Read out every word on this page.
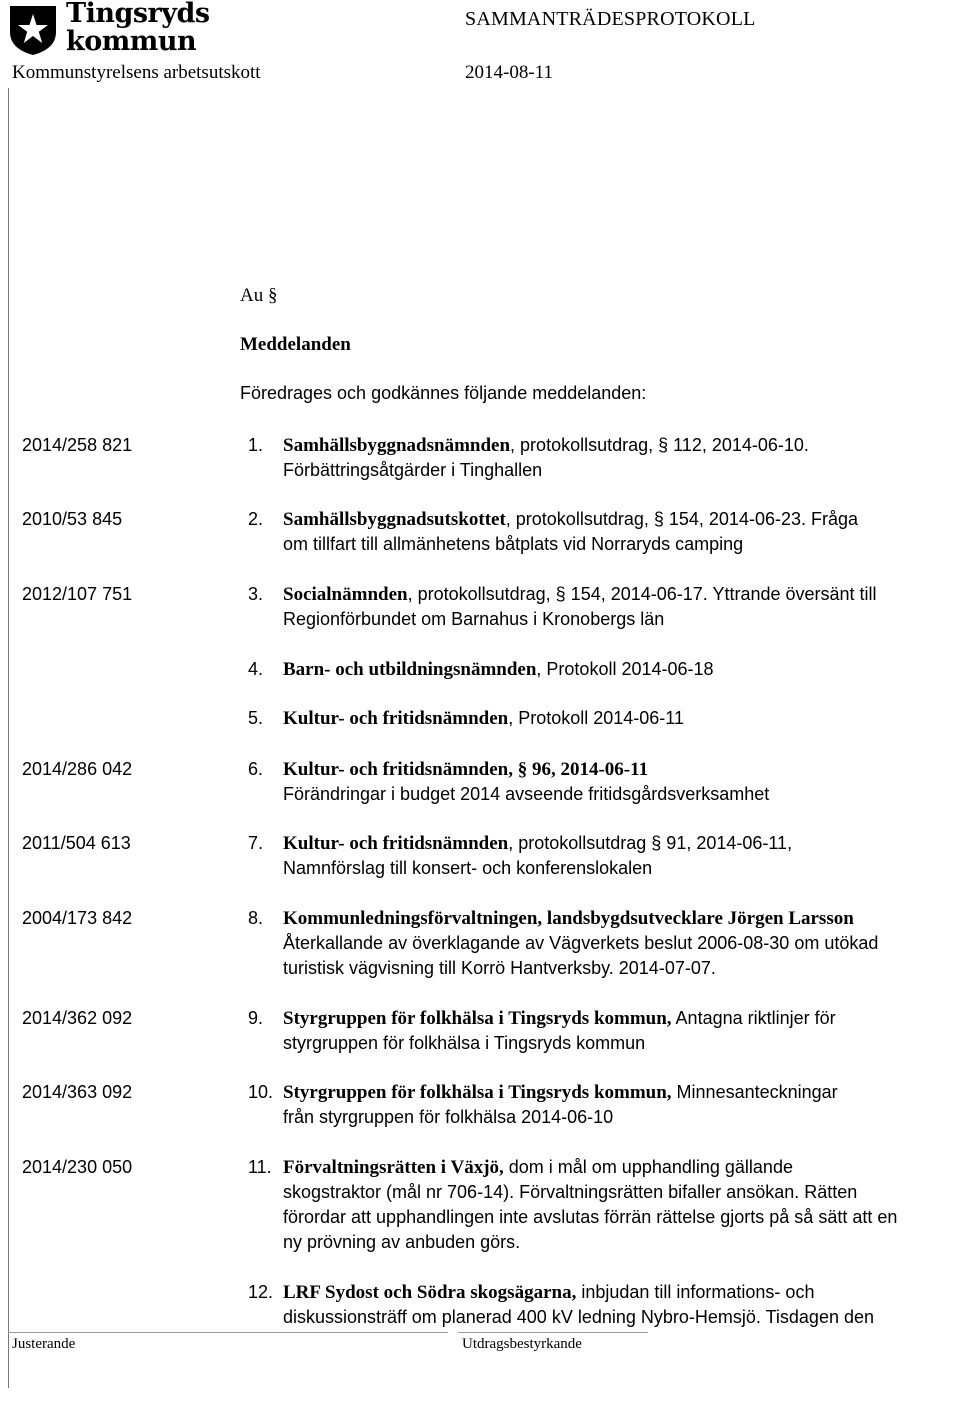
Tingsryds
kommun
SAMMANTRÄDESPROTOKOLL
Kommunstyrelsens arbetsutskott	2014-08-11
Au §
Meddelanden
Föredrages och godkännes följande meddelanden:
2014/258 821	1. Samhällsbyggnadsnämnden, protokollsutdrag, § 112, 2014-06-10.
Förbättringsåtgärder i Tinghallen
2010/53 845	2. Samhällsbyggnadsutskottet, protokollsutdrag, § 154, 2014-06-23. Fråga
om tillfart till allmänhetens båtplats vid Norraryds camping
2012/107 751	3. Socialnämnden, protokollsutdrag, § 154, 2014-06-17. Yttrande översänt till
Regionförbundet om Barnahus i Kronobergs län
4. Barn- och utbildningsnämnden, Protokoll 2014-06-18
5. Kultur- och fritidsnämnden, Protokoll 2014-06-11
2014/286 042	6. Kultur- och fritidsnämnden, § 96, 2014-06-11
Förändringar i budget 2014 avseende fritidsgårdsverksamhet
2011/504 613	7. Kultur- och fritidsnämnden, protokollsutdrag § 91, 2014-06-11,
Namnförslag till konsert- och konferenslokalen
2004/173 842	8. Kommunledningsförvaltningen, landsbygdsutvecklare Jörgen Larsson
Återkallande av överklagande av Vägverkets beslut 2006-08-30 om utökad
turistisk vägvisning till Korrö Hantverksby. 2014-07-07.
2014/362 092	9. Styrgruppen för folkhälsa i Tingsryds kommun, Antagna riktlinjer för
styrgruppen för folkhälsa i Tingsryds kommun
2014/363 092	10. Styrgruppen för folkhälsa i Tingsryds kommun, Minnesanteckningar
från styrgruppen för folkhälsa 2014-06-10
2014/230 050	11. Förvaltningsrätten i Växjö, dom i mål om upphandling gällande
skogstraktor (mål nr 706-14). Förvaltningsrätten bifaller ansökan. Rätten
förordar att upphandlingen inte avslutas förrän rättelse gjorts på så sätt att en
ny prövning av anbuden görs.
12. LRF Sydost och Södra skogsägarna, inbjudan till informations- och
diskussionsträff om planerad 400 kV ledning Nybro-Hemsjö. Tisdagen den
Justerande	Utdragsbestyrkande
